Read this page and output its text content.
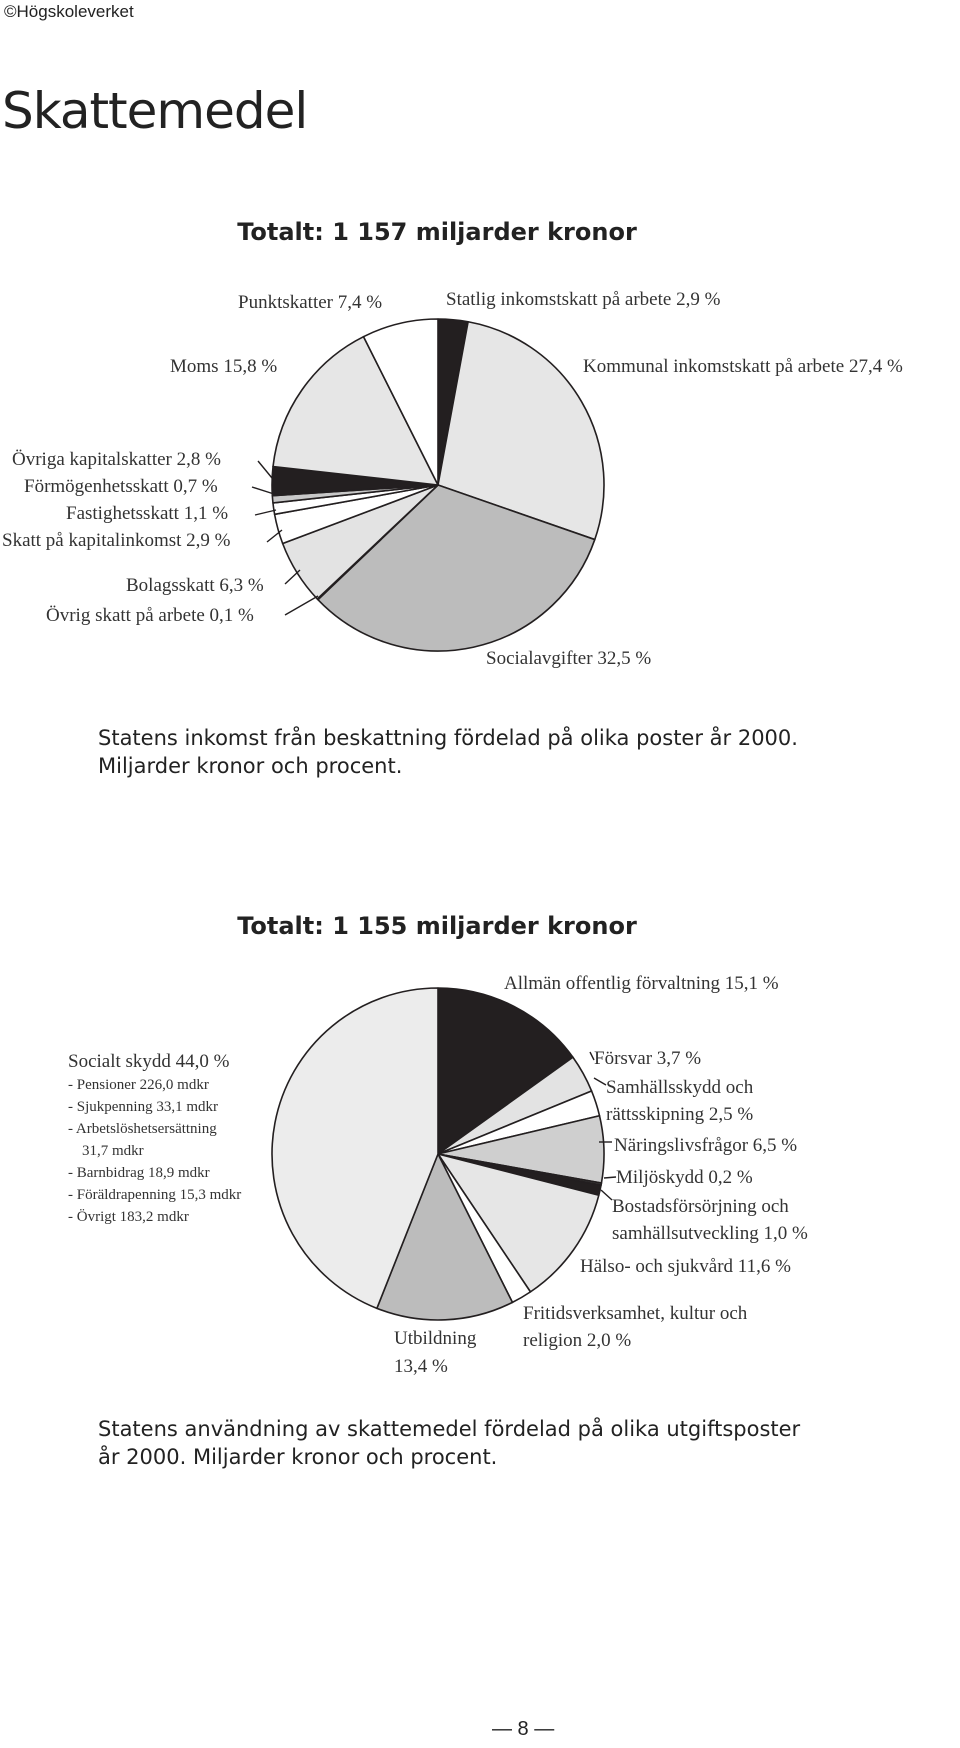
©Högskoleverket
Skattemedel
Totalt: 1 157 miljarder kronor
Punktskatter 7,4 %	Statlig inkomstskatt på arbete 2,9 %
Moms 15,8 %	Kommunal inkomstskatt på arbete 27,4 %
Övriga kapitalskatter 2,8 %
Förmögenhetsskatt 0,7 %
Fastighetsskatt 1,1 %
Skatt på kapitalinkomst 2,9 %
Bolagsskatt 6,3 %
Övrig skatt på arbete 0,1 %
Socialavgifter 32,5 %
Statens inkomst från beskattning fördelad på olika poster år 2000. Miljarder kronor och procent.
Totalt: 1 155 miljarder kronor
Allmän offentlig förvaltning 15,1 %
Socialt skydd 44,0 %
- Pensioner 226,0 mdkr
- Sjukpenning 33,1 mdkr
- Arbetslöshetsersättning
31,7 mdkr
- Barnbidrag 18,9 mdkr
- Föräldrapenning 15,3 mdkr
- Övrigt 183,2 mdkr
Försvar 3,7 %
Samhällsskydd och rättsskipning 2,5 %
Näringslivsfrågor 6,5 %
Miljöskydd 0,2 %
Bostadsförsörjning och samhällsutveckling 1,0 %
Hälso- och sjukvård 11,6 %
Fritidsverksamhet, kultur och religion 2,0 %
Utbildning 13,4 %
Statens användning av skattemedel fördelad på olika utgiftsposter år 2000. Miljarder kronor och procent.
— 8 —
